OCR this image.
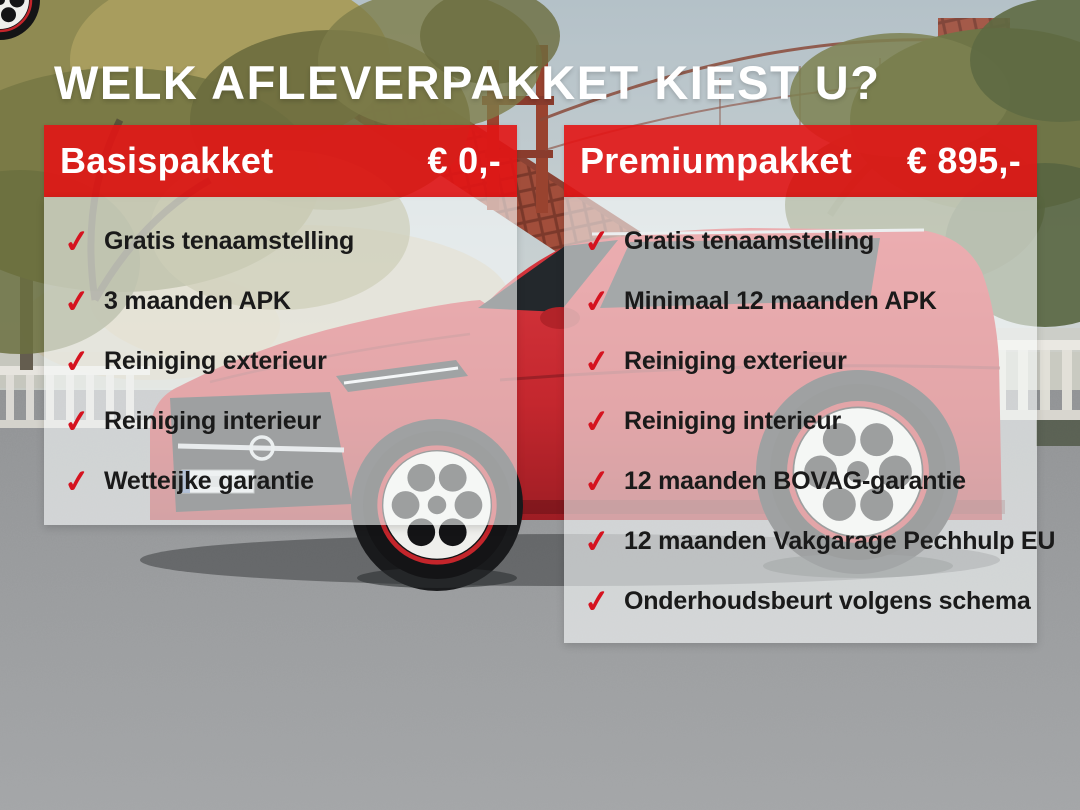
WELK AFLEVERPAKKET KIEST U?
Basispakket	€ 0,-
✓ Gratis tenaamstelling
✓ 3 maanden APK
✓ Reiniging exterieur
✓ Reiniging interieur
✓ Wetteijke garantie
Premiumpakket € 895,-
✓ Gratis tenaamstelling
✓ Minimaal 12 maanden APK
✓ Reiniging exterieur
✓ Reiniging interieur
✓ 12 maanden BOVAG-garantie
✓ 12 maanden Vakgarage Pechhulp EU
✓ Onderhoudsbeurt volgens schema
